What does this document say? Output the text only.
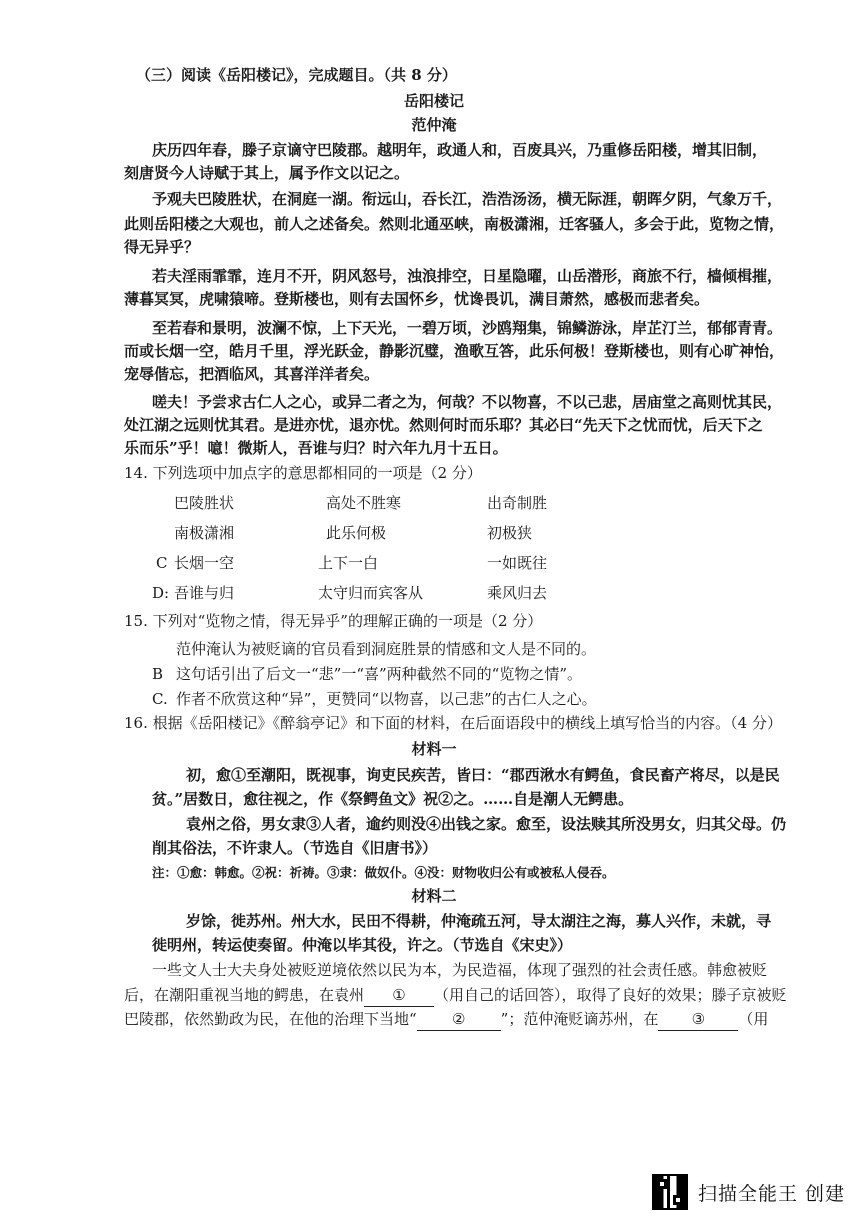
（三）阅读《岳阳楼记》，完成题目。（共 8 分）
岳阳楼记
范仲淹
庆历四年春，滕子京谪守巴陵郡。越明年，政通人和，百废具兴，乃重修岳阳楼，增其旧制，
刻唐贤今人诗赋于其上，属予作文以记之。
予观夫巴陵胜状，在洞庭一湖。衔远山，吞长江，浩浩汤汤，横无际涯，朝晖夕阴，气象万千，
此则岳阳楼之大观也，前人之述备矣。然则北通巫峡，南极潇湘，迁客骚人，多会于此，览物之情，
得无异乎？
若夫淫雨霏霏，连月不开，阴风怒号，浊浪排空，日星隐曜，山岳潜形，商旅不行，樯倾楫摧，
薄暮冥冥，虎啸猿啼。登斯楼也，则有去国怀乡，忧谗畏讥，满目萧然，感极而悲者矣。
至若春和景明，波澜不惊，上下天光，一碧万顷，沙鸥翔集，锦鳞游泳，岸芷汀兰，郁郁青青。
而或长烟一空，皓月千里，浮光跃金，静影沉璧，渔歌互答，此乐何极！登斯楼也，则有心旷神怡，
宠辱偕忘，把酒临风，其喜洋洋者矣。
嗟夫！予尝求古仁人之心，或异二者之为，何哉？不以物喜，不以己悲，居庙堂之高则忧其民，
处江湖之远则忧其君。是进亦忧，退亦忧。然则何时而乐耶？其必曰“先天下之忧而忧，后天下之
乐而乐”乎！噫！微斯人，吾谁与归？时六年九月十五日。
14. 下列选项中加点字的意思都相同的一项是（2 分）
巴陵胜状	高处不胜寒	出奇制胜
南极潇湘	此乐何极	初极狭
C 长烟一空	上下一白	一如既往
D: 吾谁与归	太守归而宾客从	乘风归去
15. 下列对“览物之情，得无异乎”的理解正确的一项是（2 分）
范仲淹认为被贬谪的官员看到洞庭胜景的情感和文人是不同的。
B 这句话引出了后文一“悲”一“喜”两种截然不同的“览物之情”。
C. 作者不欣赏这种“异”，更赞同“以物喜，以己悲”的古仁人之心。
16. 根据《岳阳楼记》《醉翁亭记》和下面的材料，在后面语段中的横线上填写恰当的内容。（4 分）
材料一
初，愈①至潮阳，既视事，询吏民疾苦，皆曰：“郡西湫水有鳄鱼，食民畜产将尽，以是民
贫。”居数日，愈往视之，作《祭鳄鱼文》祝②之。……自是潮人无鳄患。
袁州之俗，男女隶③人者，逾约则没④出钱之家。愈至，设法赎其所没男女，归其父母。仍
削其俗法，不许隶人。（节选自《旧唐书》）
注：①愈：韩愈。②祝：祈祷。③隶：做奴仆。④没：财物收归公有或被私人侵吞。
材料二
岁馀，徙苏州。州大水，民田不得耕，仲淹疏五河，导太湖注之海，募人兴作，未就，寻
徙明州，转运使奏留。仲淹以毕其役，许之。（节选自《宋史》）
一些文人士大夫身处被贬逆境依然以民为本，为民造福，体现了强烈的社会责任感。韩愈被贬
后，在潮阳重视当地的鳄患，在袁州 ① （用自己的话回答），取得了良好的效果；滕子京被贬
巴陵郡，依然勤政为民，在他的治理下当地“ ② ”；范仲淹贬谪苏州，在 ③ （用
扫描全能王 创建
